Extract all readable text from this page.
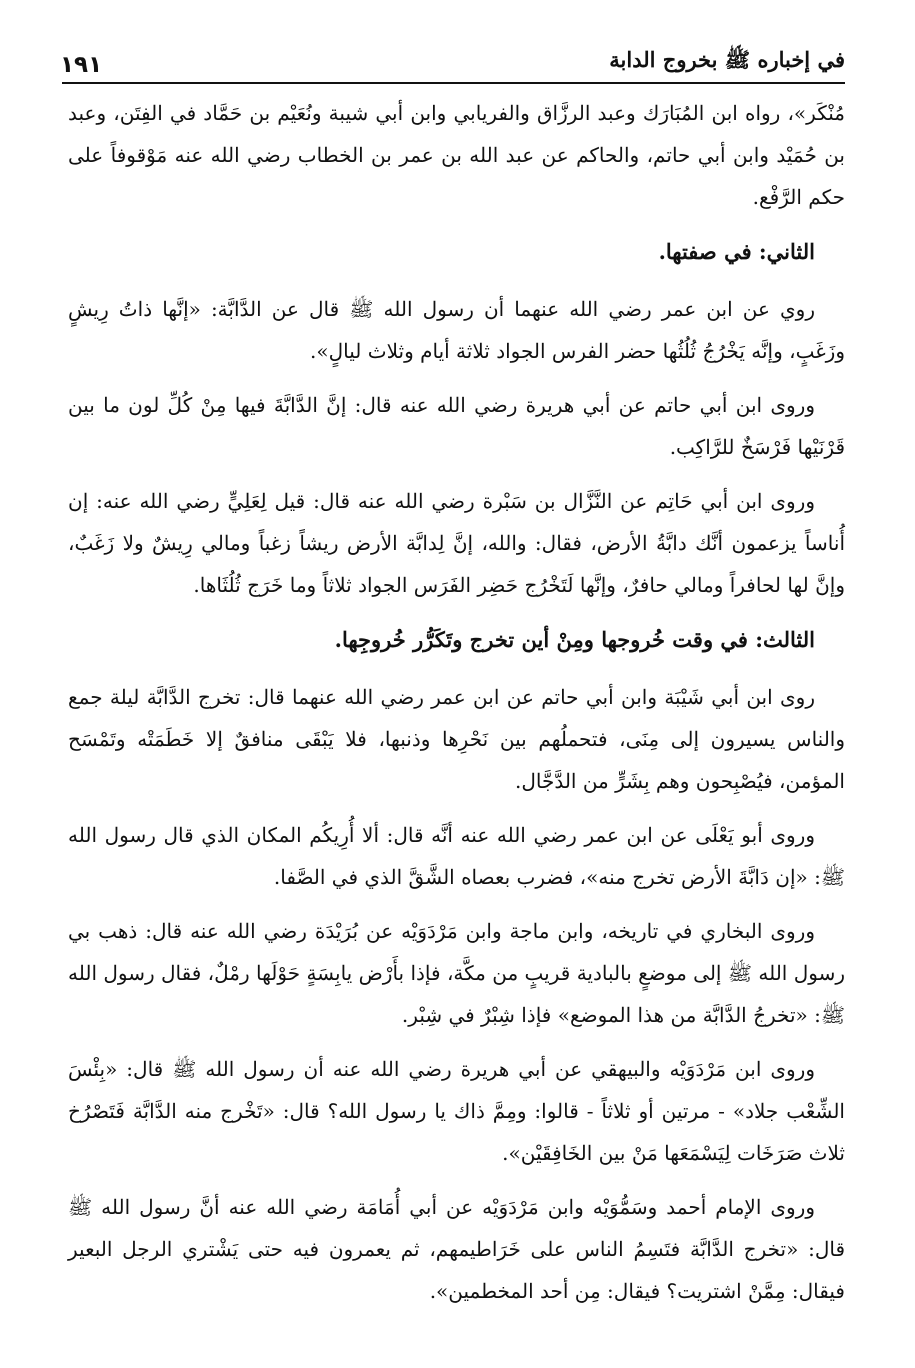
في إخباره ﷺ بخروج الدابة
١٩١

مُنْكَر»، رواه ابن المُبَارَك وعبد الرزَّاق والفريابي وابن أبي شيبة ونُعَيْم بن حَمَّاد في الفِتَن، وعبد بن حُمَيْد وابن أبي حاتم، والحاكم عن عبد الله بن عمر بن الخطاب رضي الله عنه مَوْقوفاً على حكم الرَّفْع.

الثاني: في صفتها.

روي عن ابن عمر رضي الله عنهما أن رسول الله ﷺ قال عن الدَّابَّة: «إنَّها ذاتُ رِيشٍ وزَغَبٍ، وإنَّه يَخْرُجُ ثُلُثُها حضر الفرس الجواد ثلاثة أيام وثلاث ليالٍ».

وروى ابن أبي حاتم عن أبي هريرة رضي الله عنه قال: إنَّ الدَّابَّةَ فيها مِنْ كُلِّ لون ما بين قَرْنَيْها فَرْسَخٌ للرَّاكِب.

وروى ابن أبي حَاتِم عن النَّزَّال بن سَبْرة رضي الله عنه قال: قيل لِعَلِيٍّ رضي الله عنه: إن أُناساً يزعمون أنَّك دابَّةُ الأرض، فقال: والله، إنَّ لِدابَّة الأرض ريشاً زغباً ومالي رِيشٌ ولا زَغَبٌ، وإنَّ لها لحافراً ومالي حافرٌ، وإنَّها لَتَخْرُج حَضِر الفَرَس الجواد ثلاثاً وما خَرَج ثُلُثَاها.

الثالث: في وقت خُروجها ومِنْ أين تخرج وتَكَرُّر خُروجِها.

روى ابن أبي شَيْبَة وابن أبي حاتم عن ابن عمر رضي الله عنهما قال: تخرج الدَّابَّة ليلة جمع والناس يسيرون إلى مِنَى، فتحملُهم بين نَحْرِها وذنبها، فلا يَبْقَى منافقٌ إلا خَطَمَتْه وتَمْسَح المؤمن، فيُصْبِحون وهم بِشَرٍّ من الدَّجَّال.

وروى أبو يَعْلَى عن ابن عمر رضي الله عنه أنَّه قال: ألا أُرِيكُم المكان الذي قال رسول الله ﷺ: «إن دَابَّةَ الأرض تخرج منه»، فضرب بعصاه الشَّقَّ الذي في الصَّفا.

وروى البخاري في تاريخه، وابن ماجة وابن مَرْدَوَيْه عن بُرَيْدَة رضي الله عنه قال: ذهب بي رسول الله ﷺ إلى موضعٍ بالبادية قريبٍ من مكَّة، فإذا بأَرْض يابِسَةٍ حَوْلَها رمْلٌ، فقال رسول الله ﷺ: «تخرجُ الدَّابَّة من هذا الموضع» فإذا شِبْرٌ في شِبْر.

وروى ابن مَرْدَوَيْه والبيهقي عن أبي هريرة رضي الله عنه أن رسول الله ﷺ قال: «بِئْسَ الشِّعْب جلاد» - مرتين أو ثلاثاً - قالوا: ومِمَّ ذاك يا رسول الله؟ قال: «تَخْرج منه الدَّابَّة فَتَصْرُخ ثلاث صَرَخَات لِيَسْمَعَها مَنْ بين الخَافِقَيْن».

وروى الإمام أحمد وسَمُّوَيْه وابن مَرْدَوَيْه عن أبي أُمَامَة رضي الله عنه أنَّ رسول الله ﷺ قال: «تخرج الدَّابَّة فتَسِمُ الناس على خَرَاطيمهم، ثم يعمرون فيه حتى يَشْتري الرجل البعير فيقال: مِمَّنْ اشتريت؟ فيقال: مِن أحد المخطمين».
